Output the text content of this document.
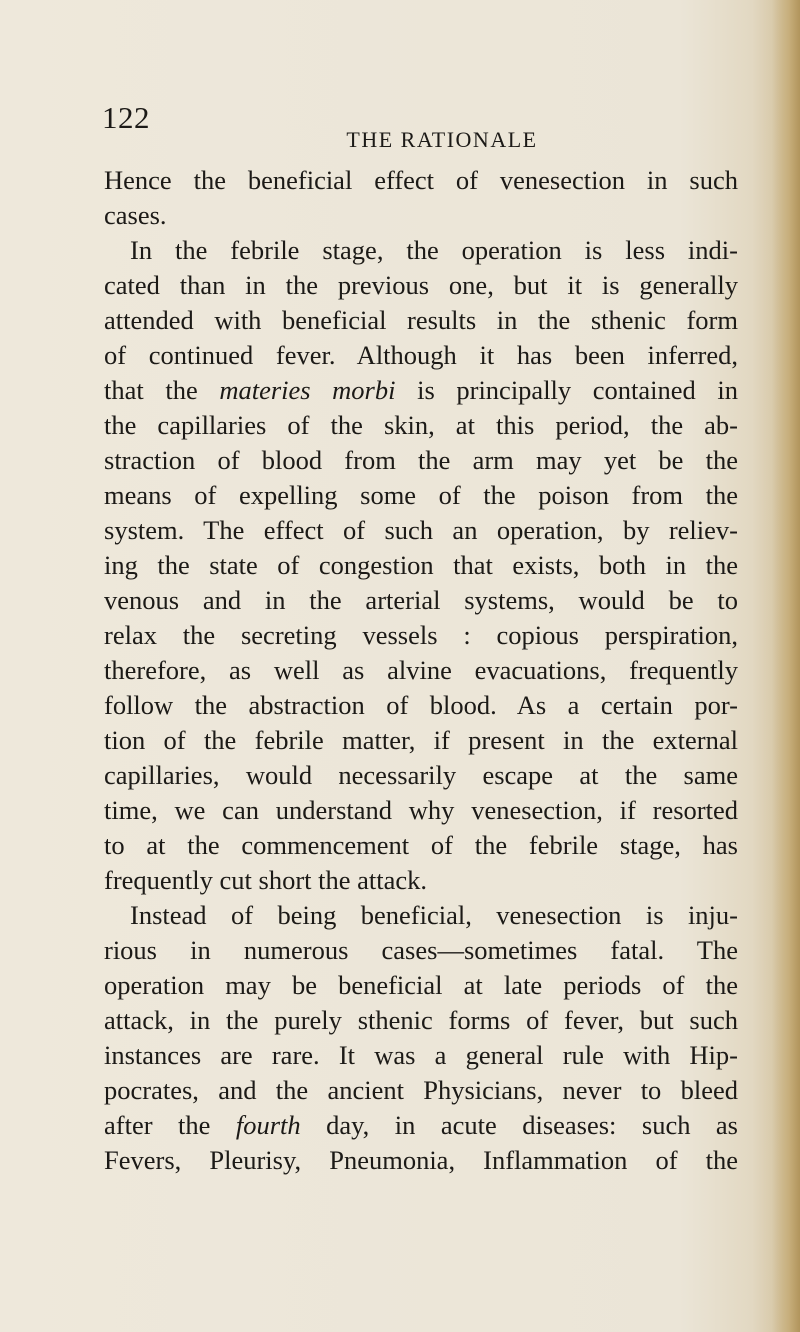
122
THE RATIONALE
Hence the beneficial effect of venesection in such
cases.
In the febrile stage, the operation is less indi-
cated than in the previous one, but it is generally
attended with beneficial results in the sthenic form
of continued fever. Although it has been inferred,
that the materies morbi is principally contained in
the capillaries of the skin, at this period, the ab-
straction of blood from the arm may yet be the
means of expelling some of the poison from the
system. The effect of such an operation, by reliev-
ing the state of congestion that exists, both in the
venous and in the arterial systems, would be to
relax the secreting vessels : copious perspiration,
therefore, as well as alvine evacuations, frequently
follow the abstraction of blood. As a certain por-
tion of the febrile matter, if present in the external
capillaries, would necessarily escape at the same
time, we can understand why venesection, if resorted
to at the commencement of the febrile stage, has
frequently cut short the attack.
Instead of being beneficial, venesection is inju-
rious in numerous cases—sometimes fatal. The
operation may be beneficial at late periods of the
attack, in the purely sthenic forms of fever, but such
instances are rare. It was a general rule with Hip-
pocrates, and the ancient Physicians, never to bleed
after the fourth day, in acute diseases: such as
Fevers, Pleurisy, Pneumonia, Inflammation of the
